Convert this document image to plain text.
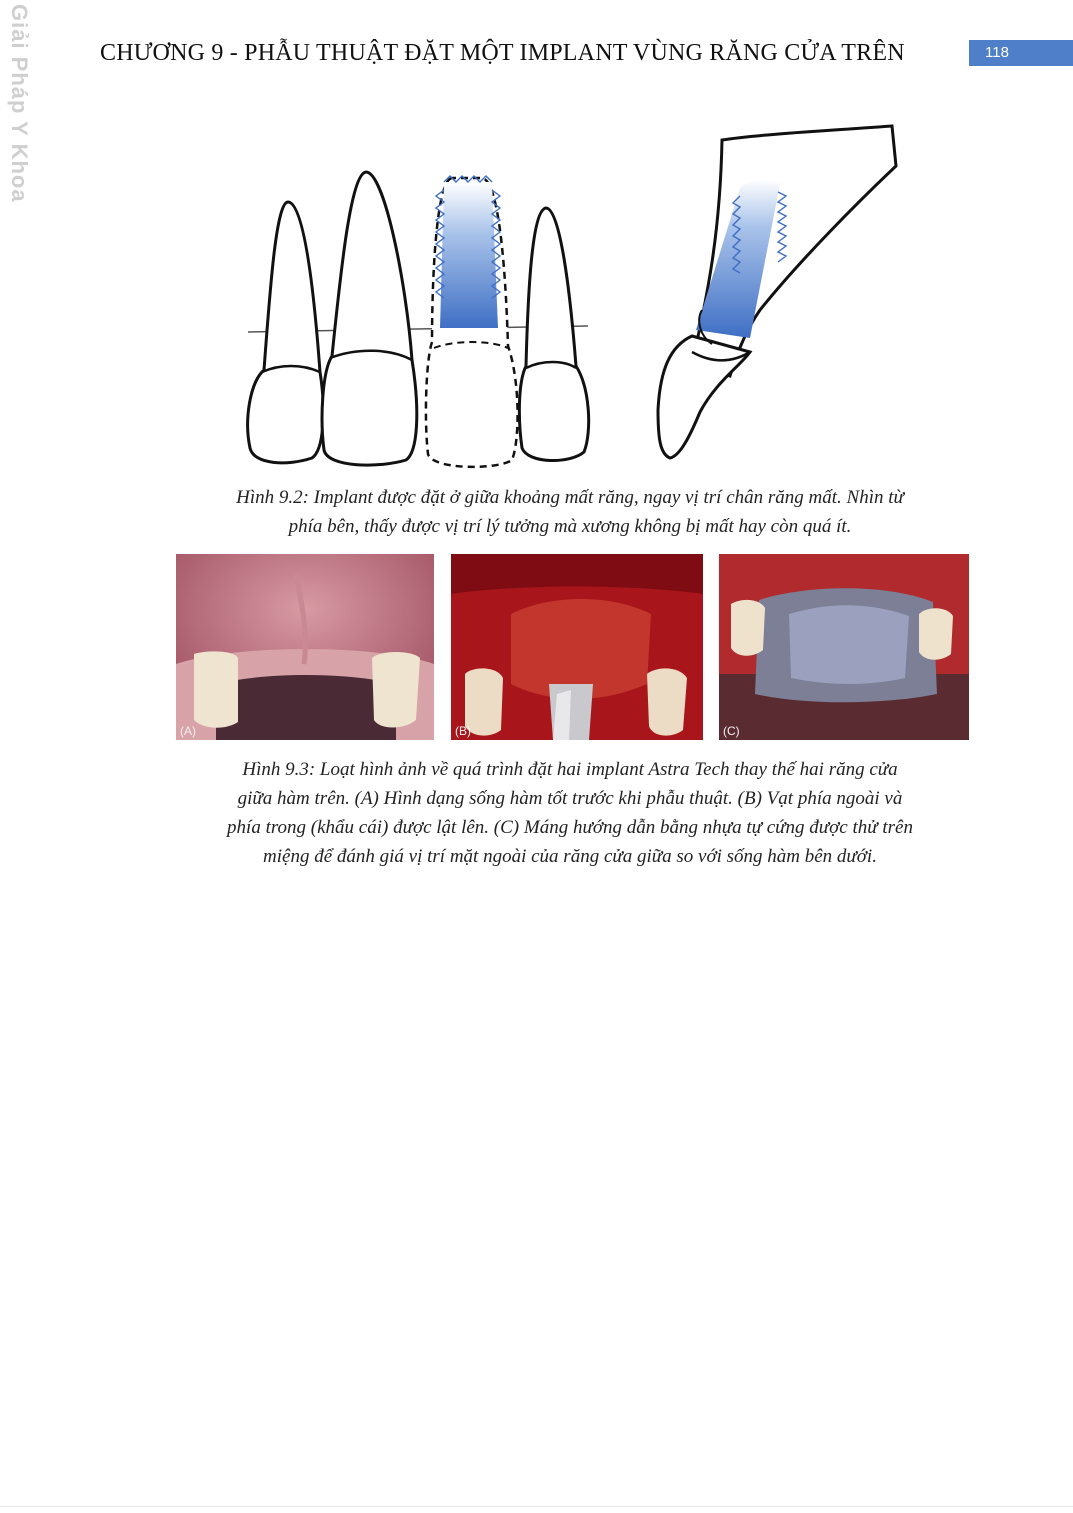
Giải Pháp Y Khoa	CHƯƠNG 9 - PHẪU THUẬT ĐẶT MỘT IMPLANT VÙNG RĂNG CỬA TRÊN	118
Hình 9.2: Implant được đặt ở giữa khoảng mất răng, ngay vị trí chân răng mất. Nhìn từ
phía bên, thấy được vị trí lý tưởng mà xương không bị mất hay còn quá ít.
(A)	(B)	(C)
Hình 9.3: Loạt hình ảnh về quá trình đặt hai implant Astra Tech thay thế hai răng cửa
giữa hàm trên. (A) Hình dạng sống hàm tốt trước khi phẫu thuật. (B) Vạt phía ngoài và
phía trong (khẩu cái) được lật lên. (C) Máng hướng dẫn bằng nhựa tự cứng được thử trên
miệng để đánh giá vị trí mặt ngoài của răng cửa giữa so với sống hàm bên dưới.
